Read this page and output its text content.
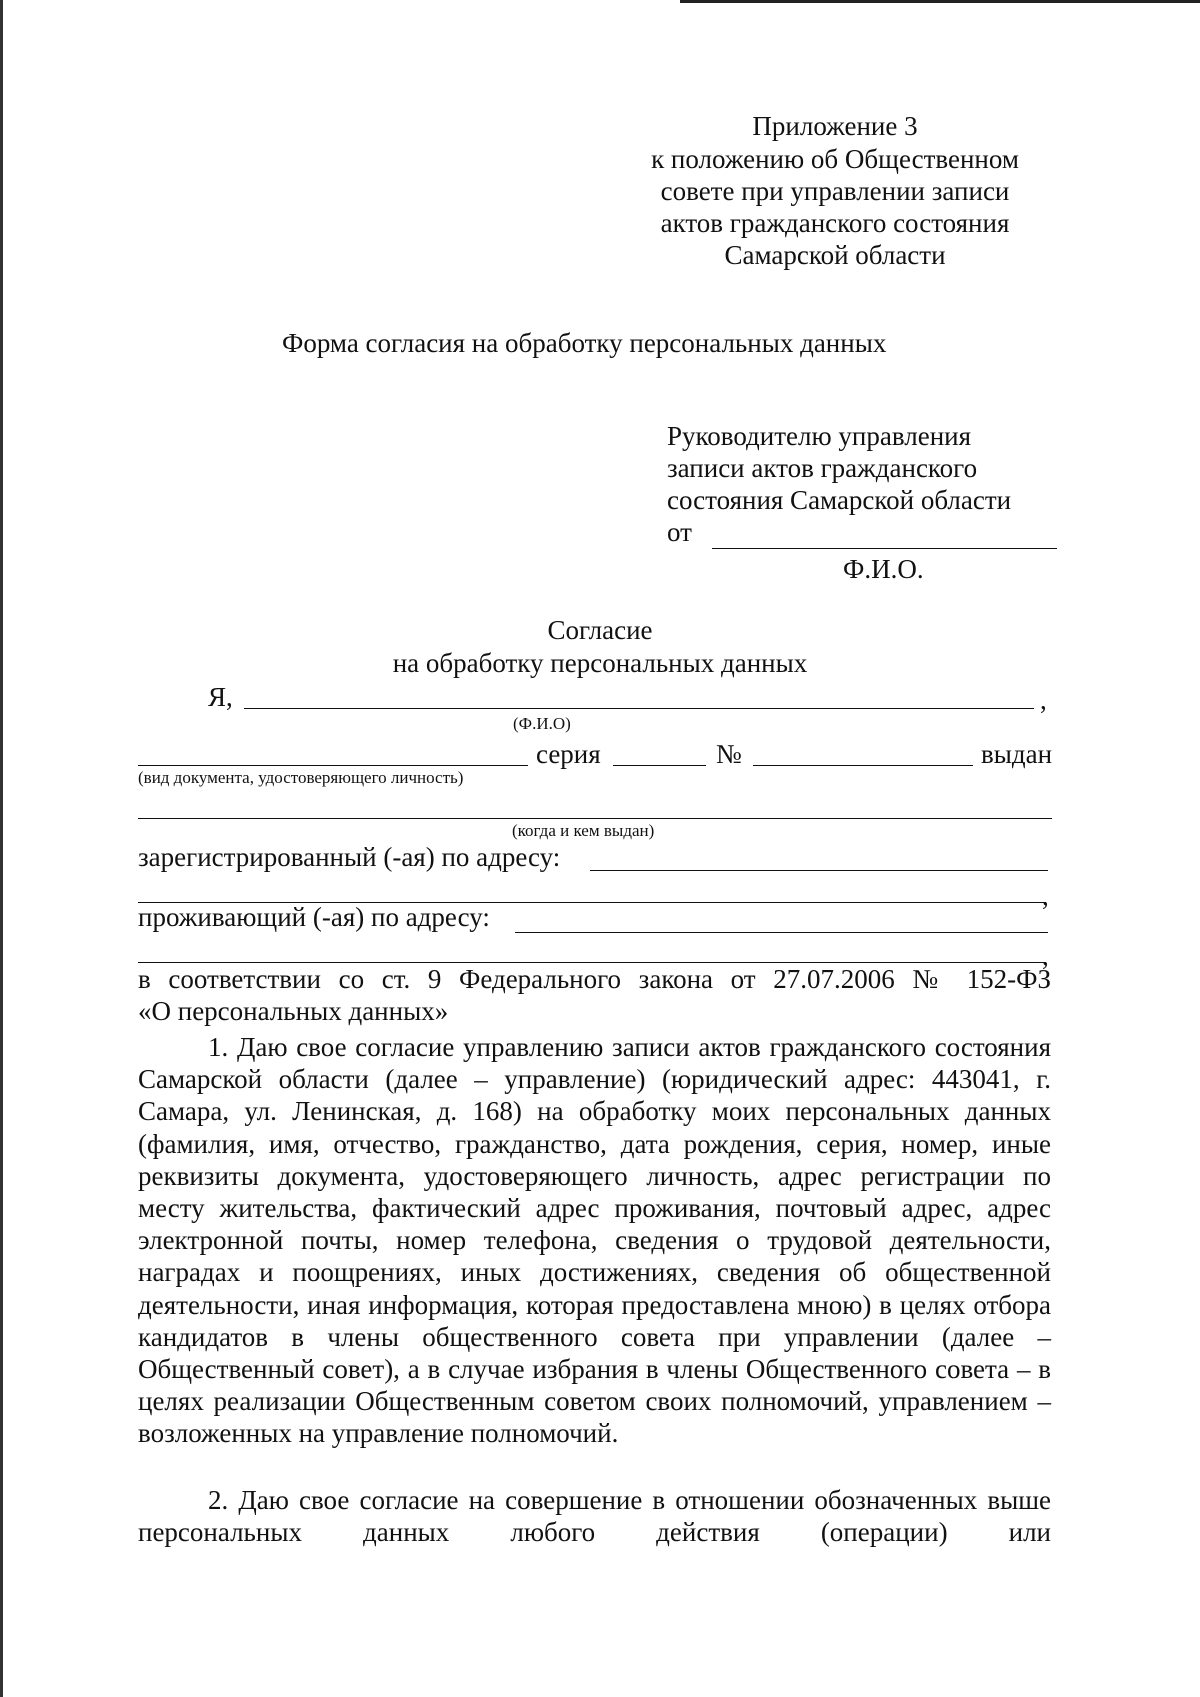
Приложение 3
к положению об Общественном
совете при управлении записи
актов гражданского состояния
Самарской области
Форма согласия на обработку персональных данных
Руководителю управления
записи актов гражданского
состояния Самарской области
от
Ф.И.О.
Согласие
на обработку персональных данных
Я,	,
(Ф.И.О)
серия	№	выдан
(вид документа, удостоверяющего личность)
(когда и кем выдан)
зарегистрированный (-ая) по адресу:
,
проживающий (-ая) по адресу:
,
в соответствии со ст. 9 Федерального закона от 27.07.2006 № 152-ФЗ
«О персональных данных»
1. Даю свое согласие управлению записи актов гражданского состояния Самарской области (далее – управление) (юридический адрес: 443041, г. Самара, ул. Ленинская, д. 168) на обработку моих персональных данных (фамилия, имя, отчество, гражданство, дата рождения, серия, номер, иные реквизиты документа, удостоверяющего личность, адрес регистрации по месту жительства, фактический адрес проживания, почтовый адрес, адрес электронной почты, номер телефона, сведения о трудовой деятельности, наградах и поощрениях, иных достижениях, сведения об общественной деятельности, иная информация, которая предоставлена мною) в целях отбора кандидатов в члены общественного совета при управлении (далее – Общественный совет), а в случае избрания в члены Общественного совета – в целях реализации Общественным советом своих полномочий, управлением – возложенных на управление полномочий.
2. Даю свое согласие на совершение в отношении обозначенных выше персональных данных любого действия (операции) или
